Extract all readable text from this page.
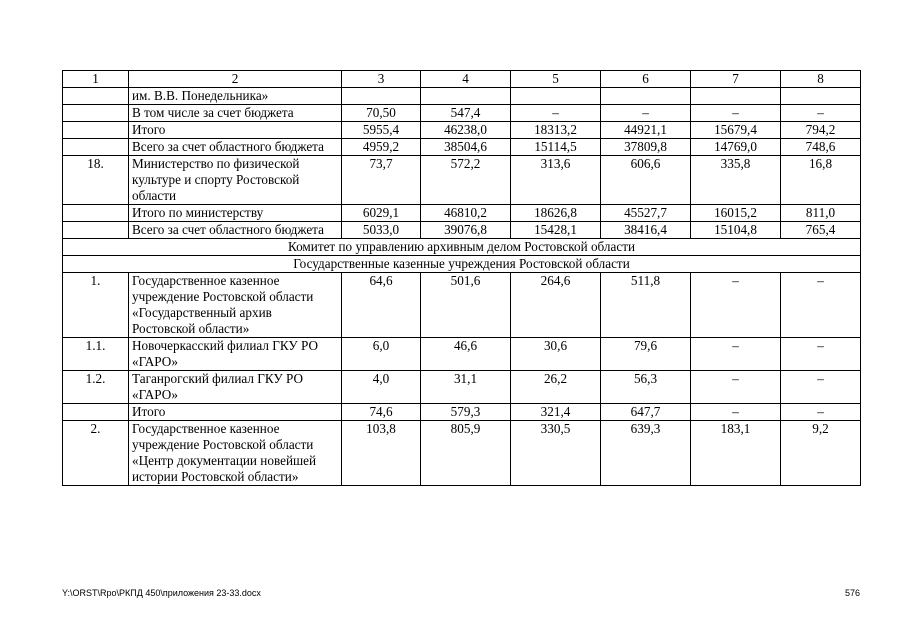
1	2	3	4	5	6	7	8
	им. В.В. Понедельника»						
	В том числе за счет бюджета	70,50	547,4	–	–	–	–
	Итого	5955,4	46238,0	18313,2	44921,1	15679,4	794,2
	Всего за счет областного бюджета	4959,2	38504,6	15114,5	37809,8	14769,0	748,6
18.	Министерство по физической культуре и спорту Ростовской области	73,7	572,2	313,6	606,6	335,8	16,8
	Итого по министерству	6029,1	46810,2	18626,8	45527,7	16015,2	811,0
	Всего за счет областного бюджета	5033,0	39076,8	15428,1	38416,4	15104,8	765,4
Комитет по управлению архивным делом Ростовской области							
Государственные казенные учреждения Ростовской области							
1.	Государственное казенное учреждение Ростовской области «Государственный архив Ростовской области»	64,6	501,6	264,6	511,8	–	–
1.1.	Новочеркасский филиал ГКУ РО «ГАРО»	6,0	46,6	30,6	79,6	–	–
1.2.	Таганрогский филиал ГКУ РО «ГАРО»	4,0	31,1	26,2	56,3	–	–
	Итого	74,6	579,3	321,4	647,7	–	–
2.	Государственное казенное учреждение Ростовской области «Центр документации новейшей истории Ростовской области»	103,8	805,9	330,5	639,3	183,1	9,2
Y:\ORST\Rpo\РКПД 450\приложения 23-33.docx	576
